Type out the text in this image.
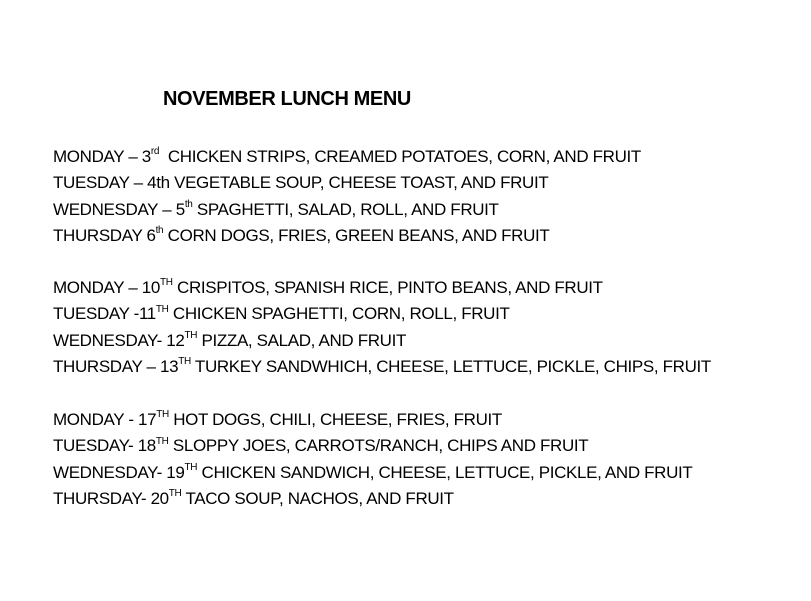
NOVEMBER LUNCH MENU
MONDAY – 3rd  CHICKEN STRIPS, CREAMED POTATOES, CORN, AND FRUIT
TUESDAY – 4th VEGETABLE SOUP, CHEESE TOAST, AND FRUIT
WEDNESDAY – 5th SPAGHETTI, SALAD, ROLL, AND FRUIT
THURSDAY 6th CORN DOGS, FRIES, GREEN BEANS, AND FRUIT
MONDAY – 10TH CRISPITOS, SPANISH RICE, PINTO BEANS, AND FRUIT
TUESDAY -11TH CHICKEN SPAGHETTI, CORN, ROLL, FRUIT
WEDNESDAY- 12TH PIZZA, SALAD, AND FRUIT
THURSDAY – 13TH TURKEY SANDWHICH, CHEESE, LETTUCE, PICKLE, CHIPS, FRUIT
MONDAY - 17TH HOT DOGS, CHILI, CHEESE, FRIES, FRUIT
TUESDAY- 18TH SLOPPY JOES, CARROTS/RANCH, CHIPS AND FRUIT
WEDNESDAY- 19TH CHICKEN SANDWICH, CHEESE, LETTUCE, PICKLE, AND FRUIT
THURSDAY- 20TH TACO SOUP, NACHOS, AND FRUIT
